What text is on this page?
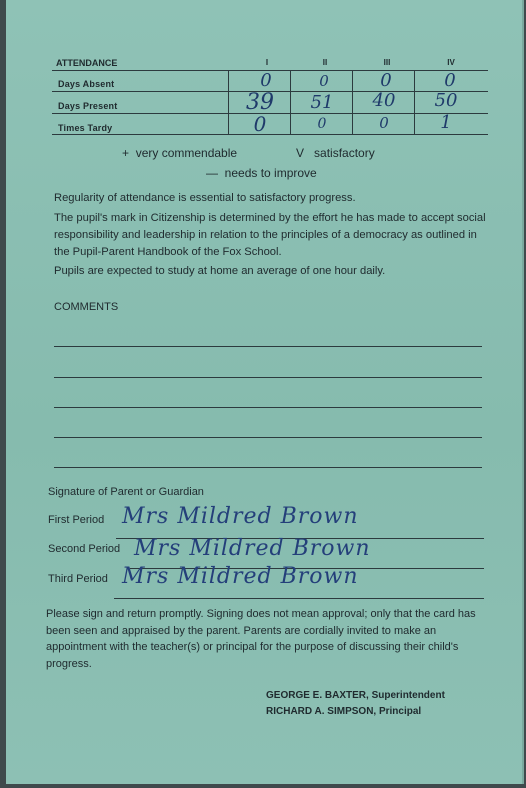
ATTENDANCE	I	II	III	IV
Days Absent	0	0	0	0
Days Present	39	51	40	50
Times Tardy	0	0	0	1
+ very commendable	V satisfactory
— needs to improve
Regularity of attendance is essential to satisfactory progress.
The pupil's mark in Citizenship is determined by the effort he has made to accept social responsibility and leadership in relation to the principles of a democracy as outlined in the Pupil-Parent Handbook of the Fox School.
Pupils are expected to study at home an average of one hour daily.
COMMENTS
Signature of Parent or Guardian
First Period Mrs Mildred Brown
Second Period Mrs Mildred Brown
Third Period Mrs Mildred Brown
Please sign and return promptly. Signing does not mean approval; only that the card has been seen and appraised by the parent. Parents are cordially invited to make an appointment with the teacher(s) or principal for the purpose of discussing their child's progress.
GEORGE E. BAXTER, Superintendent
RICHARD A. SIMPSON, Principal
